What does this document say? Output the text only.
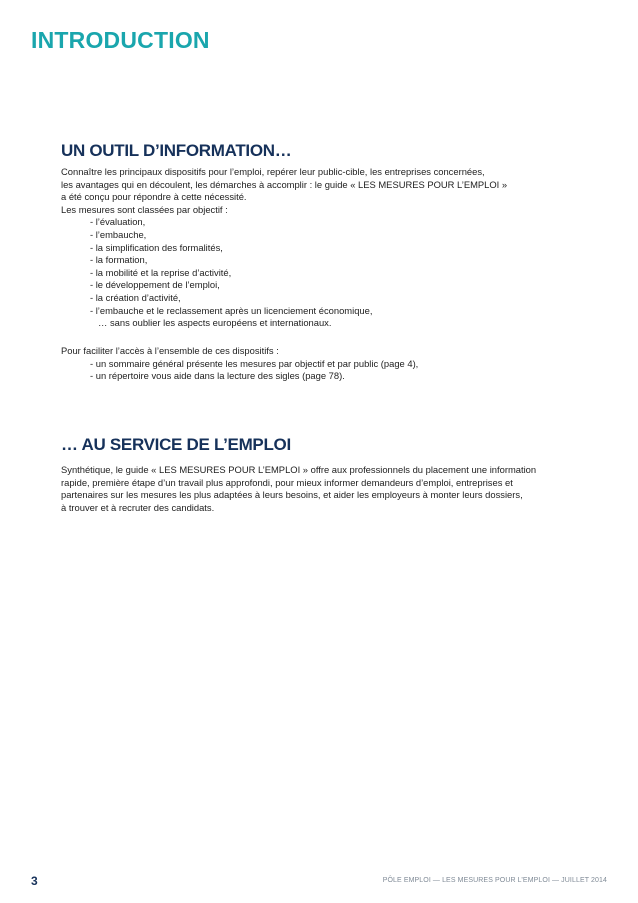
INTRODUCTION
UN OUTIL D’INFORMATION…

Connaître les principaux dispositifs pour l’emploi, repérer leur public-cible, les entreprises concernées,

les avantages qui en découlent, les démarches à accomplir : le guide « LES MESURES POUR L’EMPLOI »

a été conçu pour répondre à cette nécessité.

Les mesures sont classées par objectif :

- l’évaluation,

- l’embauche,

- la simplification des formalités,

- la formation,

- la mobilité et la reprise d’activité,

- le développement de l’emploi,

- la création d’activité,

- l’embauche et le reclassement après un licenciement économique,

… sans oublier les aspects européens et internationaux.

Pour faciliter l’accès à l’ensemble de ces dispositifs :

- un sommaire général présente les mesures par objectif et par public (page 4),

- un répertoire vous aide dans la lecture des sigles (page 78).

… AU SERVICE DE L’EMPLOI

Synthétique, le guide « LES MESURES POUR L’EMPLOI » offre aux professionnels du placement une information

rapide, première étape d’un travail plus approfondi, pour mieux informer demandeurs d’emploi, entreprises et

partenaires sur les mesures les plus adaptées à leurs besoins, et aider les employeurs à monter leurs dossiers,

à trouver et à recruter des candidats.

3	PÔLE EMPLOI — LES MESURES POUR L’EMPLOI — JUILLET 2014
